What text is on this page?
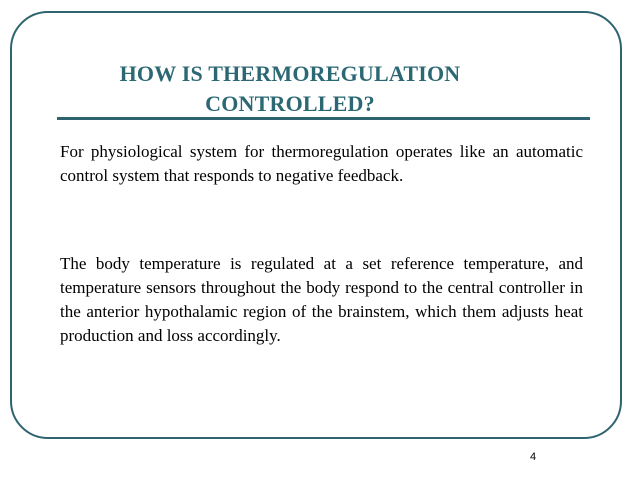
HOW IS THERMOREGULATION CONTROLLED?

For physiological system for thermoregulation operates like an automatic control system that responds to negative feedback.

The body temperature is regulated at a set reference temperature, and temperature sensors throughout the body respond to the central controller in the anterior hypothalamic region of the brainstem, which them adjusts heat production and loss accordingly.

4
